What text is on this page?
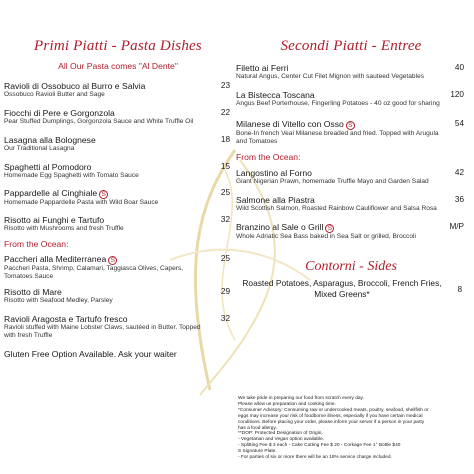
Primi Piatti - Pasta Dishes
All Our Pasta comes "Al Dente"
Ravioli di Ossobuco al Burro e Salvia
Ossobuco Ravioli Butter and Sage
23
Fiocchi di Pere e Gorgonzola
Pear Stuffed Dumplings, Gorgonzola Sauce and White Truffle Oil
22
Lasagna alla Bolognese
Our Traditional Lasagna
18
Spaghetti al Pomodoro
Homemade Egg Spaghetti with Tomato Sauce
15
Pappardelle al Cinghiale S
Homemade Pappardelle Pasta with Wild Boar Sauce
25
Risotto ai Funghi e Tartufo
Risotto with Mushrooms and fresh Truffle
32
From the Ocean:
Paccheri alla Mediterranea S
Paccheri Pasta, Shrimp, Calamari, Taggiasca Olives, Capers, Tomatoes Sauce
25
Risotto di Mare
Risotto with Seafood Medley, Parsley
29
Ravioli Aragosta e Tartufo fresco
Ravioli stuffed with Maine Lobster Claws, sautéed in Butter. Topped with fresh Truffle
32
Gluten Free Option Available. Ask your waiter
Secondi Piatti - Entree
Filetto ai Ferri
Natural Angus, Center Cut Filet Mignon with sauteed Vegetables
40
La Bistecca Toscana
Angus Beef Porterhouse, Fingerling Potatoes - 40 oz good for sharing
120
Milanese di Vitello con Osso S
Bone-In french Veal Milanese breaded and fried. Topped with Arugula and Tomatoes
54
From the Ocean:
Langostino al Forno
Giant Nigerian Prawn, homemade Truffle Mayo and Garden Salad
42
Salmone alla Piastra
Wild Scottish Salmon, Roasted Rainbow Cauliflower and Salsa Rosa
36
Branzino al Sale o Grill S
Whole Adriatic Sea Bass baked in Sea Salt or grilled, Broccoli
M/P
Contorni - Sides
Roasted Potatoes, Asparagus, Broccoli, French Fries, Mixed Greens*	8
We take pride in preparing our food from scratch every day.
Please allow us preparation and cooking time.
*Consumer Advisory: Consuming raw or undercooked meats, poultry, seafood, shellfish or
eggs may increase your risk of foodborne illness, especially if you have certain medical
conditions. Before placing your order, please inform your server if a person in your party
has a food allergy.
**DOP: Protected Designation of Origin.
- Vegetarian and Vegan option available.
- Splitting Fee $ 3 each - Cake Cutting Fee $ 20 - Corkage Fee 1° Bottle $40
S Signature Plate.
- For parties of six or more there will be an 18% service charge included.
